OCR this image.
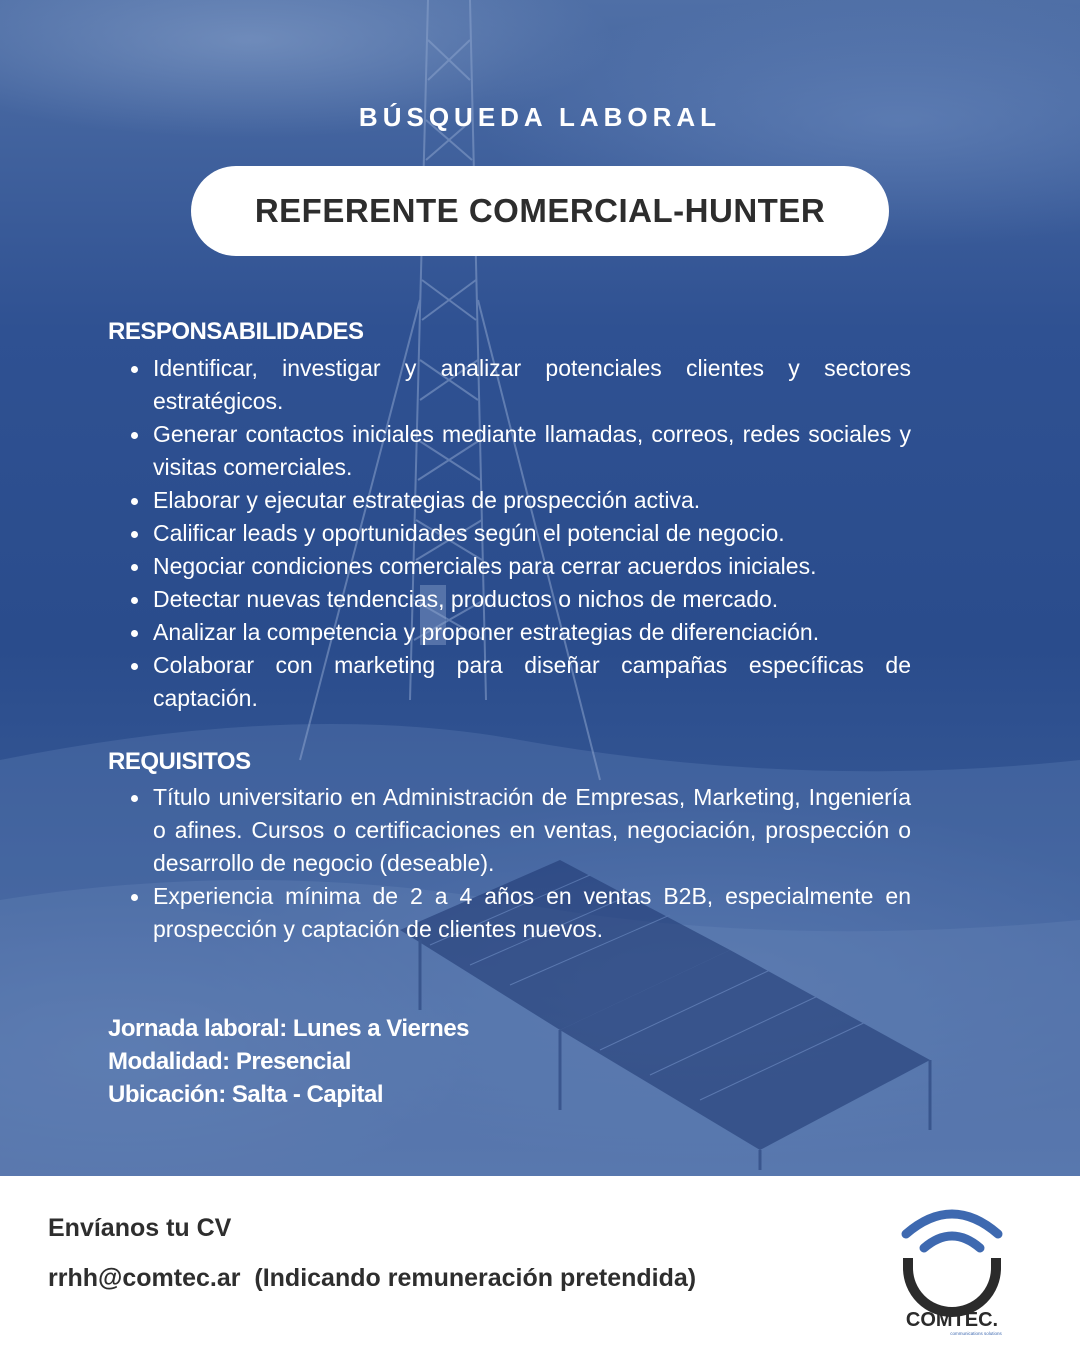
BÚSQUEDA LABORAL
REFERENTE COMERCIAL-HUNTER
RESPONSABILIDADES
Identificar, investigar y analizar potenciales clientes y sectores estratégicos.
Generar contactos iniciales mediante llamadas, correos, redes sociales y visitas comerciales.
Elaborar y ejecutar estrategias de prospección activa.
Calificar leads y oportunidades según el potencial de negocio.
Negociar condiciones comerciales para cerrar acuerdos iniciales.
Detectar nuevas tendencias, productos o nichos de mercado.
Analizar la competencia y proponer estrategias de diferenciación.
Colaborar con marketing para diseñar campañas específicas de captación.
REQUISITOS
Título universitario en Administración de Empresas, Marketing, Ingeniería o afines. Cursos o certificaciones en ventas, negociación, prospección o desarrollo de negocio (deseable).
Experiencia mínima de 2 a 4 años en ventas B2B, especialmente en prospección y captación de clientes nuevos.
Jornada laboral: Lunes a Viernes
Modalidad: Presencial
Ubicación: Salta - Capital
Envíanos tu CV
rrhh@comtec.ar  (Indicando remuneración pretendida)
COMTEC.
communications solutions
